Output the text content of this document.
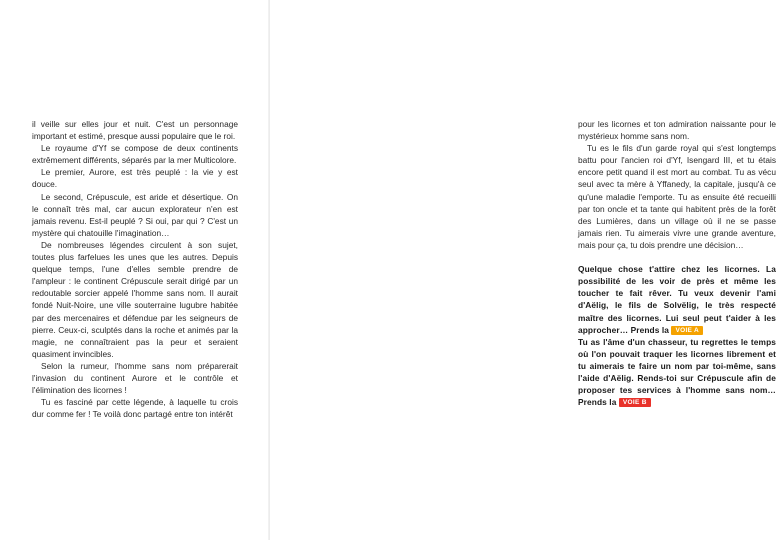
il veille sur elles jour et nuit. C'est un personnage important et estimé, presque aussi populaire que le roi.

Le royaume d'Yf se compose de deux continents extrêmement différents, séparés par la mer Multicolore.

Le premier, Aurore, est très peuplé : la vie y est douce.

Le second, Crépuscule, est aride et désertique. On le connaît très mal, car aucun explorateur n'en est jamais revenu. Est-il peuplé ? Si oui, par qui ? C'est un mystère qui chatouille l'imagination…

De nombreuses légendes circulent à son sujet, toutes plus farfelues les unes que les autres. Depuis quelque temps, l'une d'elles semble prendre de l'ampleur : le continent Crépuscule serait dirigé par un redoutable sorcier appelé l'homme sans nom. Il aurait fondé Nuit-Noire, une ville souterraine lugubre habitée par des mercenaires et défendue par les seigneurs de pierre. Ceux-ci, sculptés dans la roche et animés par la magie, ne connaîtraient pas la peur et seraient quasiment invincibles.

Selon la rumeur, l'homme sans nom préparerait l'invasion du continent Aurore et le contrôle et l'élimination des licornes !

Tu es fasciné par cette légende, à laquelle tu crois dur comme fer ! Te voilà donc partagé entre ton intérêt

pour les licornes et ton admiration naissante pour le mystérieux homme sans nom.

Tu es le fils d'un garde royal qui s'est longtemps battu pour l'ancien roi d'Yf, Isengard III, et tu étais encore petit quand il est mort au combat. Tu as vécu seul avec ta mère à Yffanedy, la capitale, jusqu'à ce qu'une maladie l'emporte. Tu as ensuite été recueilli par ton oncle et ta tante qui habitent près de la forêt des Lumières, dans un village où il ne se passe jamais rien. Tu aimerais vivre une grande aventure, mais pour ça, tu dois prendre une décision…

Quelque chose t'attire chez les licornes. La possibilité de les voir de près et même les toucher te fait rêver. Tu veux devenir l'ami d'Aëlig, le fils de Solvëlig, le très respecté maître des licornes. Lui seul peut t'aider à les approcher… Prends la VOIE A

Tu as l'âme d'un chasseur, tu regrettes le temps où l'on pouvait traquer les licornes librement et tu aimerais te faire un nom par toi-même, sans l'aide d'Aëlig. Rends-toi sur Crépuscule afin de proposer tes services à l'homme sans nom… Prends la VOIE B
